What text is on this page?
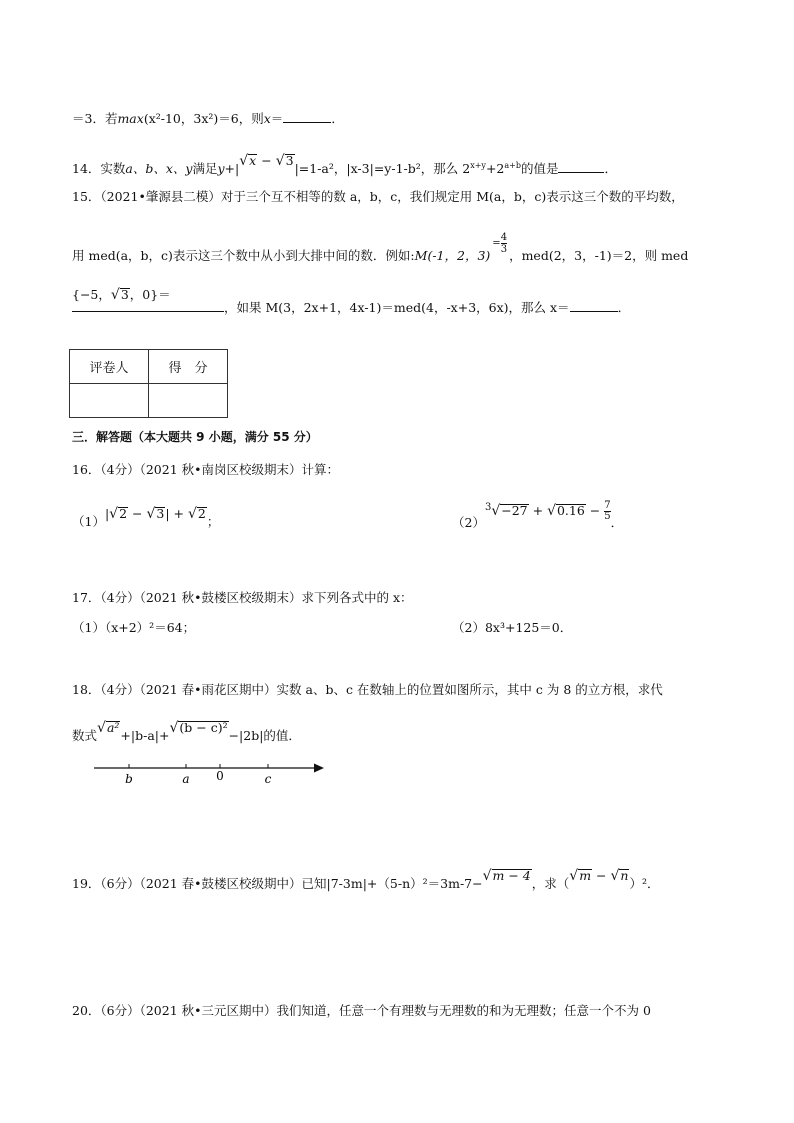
＝3．若max(x²-10，3x²)＝6，则x＝	．
14．实数a、b、x、y满足y+|√x − √3|=1-a²，|x-3|=y-1-b²，那么 $2^{x+y}+2^{a+b}$的值是	．
15．（2021•肇源县二模）对于三个互不相等的数 a，b，c，我们规定用 M(a，b，c)表示这三个数的平均数，
用 med(a，b，c)表示这三个数中从小到大排中间的数．例如:M(-1，2，$3)= \frac{4}{3}$
，med(2，3，-1)＝2，则 med
{−5，√3，0}＝
，如果 M(3，2x+1，4x-1)＝med(4，-x+3，6x)，那么 x＝	．
评卷人	得　分

三．解答题（本大题共 9 小题，满分 55 分）
16．（4分）（2021 秋•南岗区校级期末）计算：
（1）|√2 − √3| + √2；	$(2)^3√-27 + √0.16 - \frac{7}{5}$
．
17．（4分）（2021 秋•鼓楼区校级期末）求下列各式中的 x：
（1）（x+2）²＝64；	（2）8x³+125＝0．
18．（4分）（2021 春•雨花区期中）实数 a、b、c 在数轴上的位置如图所示，其中 c 为 8 的立方根，求代
数式√a²+|b-a|+√(b − c)²−|2b|的值．
b	a 0	c
19．（6分）（2021 春•鼓楼区校级期中）已知|7-3m|+（5-n）²＝3m-7−√m − 4，求（√m − √n）²．
20．（6分）（2021 秋•三元区期中）我们知道，任意一个有理数与无理数的和为无理数；任意一个不为 0
